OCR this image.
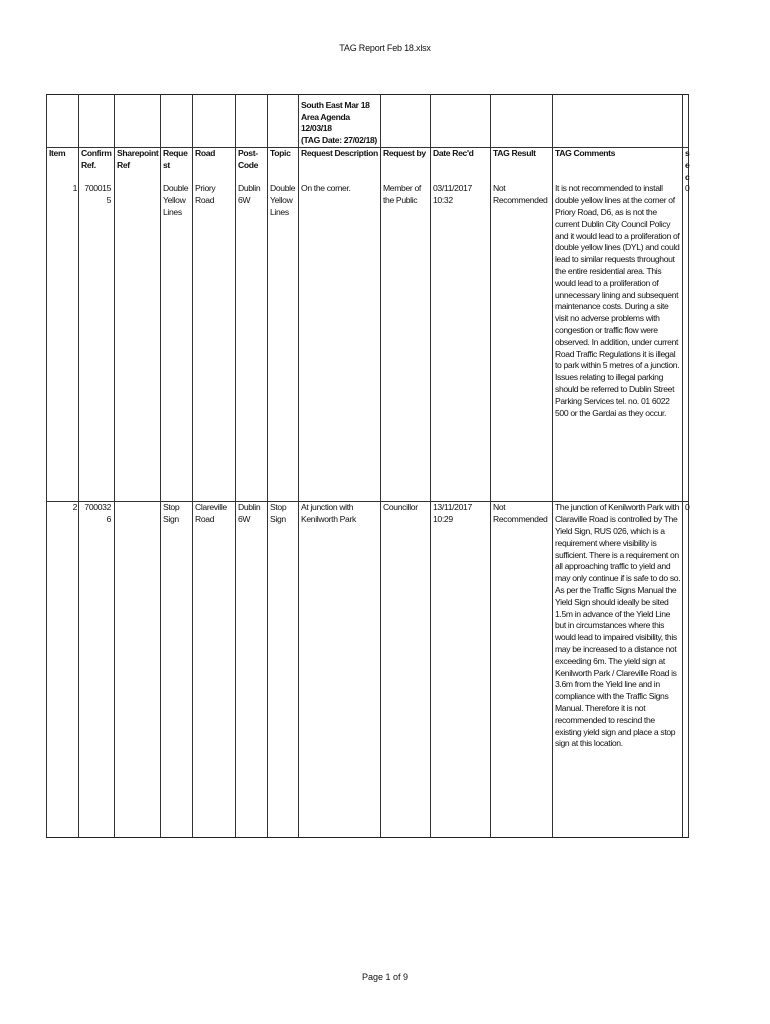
TAG Report Feb 18.xlsx

							South East Mar 18
Area Agenda 12/03/18
(TAG Date: 27/02/18)					

Item	Confirm Ref.	Sharepoint Ref	Request	Road	Post-Code	Topic	Request Description	Request by	Date Rec'd	TAG Result	TAG Comments	sec
1	7000155		Double Yellow Lines	Priory Road	Dublin 6W	Double Yellow Lines	On the corner.	Member of the Public	03/11/2017 10:32	Not Recommended	It is not recommended to install double yellow lines at the corner of Priory Road, D6, as is not the current Dublin City Council Policy and it would lead to a proliferation of double yellow lines (DYL) and could lead to similar requests throughout the entire residential area. This would lead to a proliferation of unnecessary lining and subsequent maintenance costs. During a site visit no adverse problems with congestion or traffic flow were observed. In addition, under current Road Traffic Regulations it is illegal to park within 5 metres of a junction. Issues relating to illegal parking should be referred to Dublin Street Parking Services tel. no. 01 6022 500 or the Gardai as they occur.	0
2	7000326		Stop Sign	Clareville Road	Dublin 6W	Stop Sign	At junction with Kenilworth Park	Councillor	13/11/2017 10:29	Not Recommended	The junction of Kenilworth Park with Claraville Road is controlled by The Yield Sign, RUS 026, which is a requirement where visibility is sufficient. There is a requirement on all approaching traffic to yield and may only continue if is safe to do so. As per the Traffic Signs Manual the Yield Sign should ideally be sited 1.5m in advance of the Yield Line but in circumstances where this would lead to impaired visibility, this may be increased to a distance not exceeding 6m. The yield sign at Kenilworth Park / Clareville Road is 3.6m from the Yield line and in compliance with the Traffic Signs Manual. Therefore it is not recommended to rescind the existing yield sign and place a stop sign at this location.	0
Page 1 of 9
